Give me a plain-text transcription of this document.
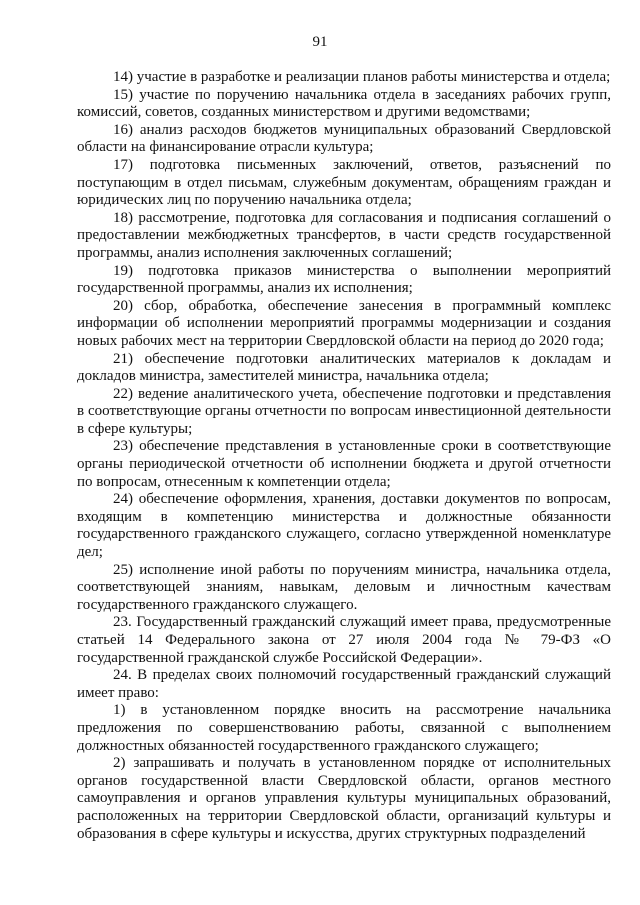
91

14) участие в разработке и реализации планов работы министерства и отдела;

15) участие по поручению начальника отдела в заседаниях рабочих групп, комиссий, советов, созданных министерством и другими ведомствами;

16) анализ расходов бюджетов муниципальных образований Свердловской области на финансирование отрасли культура;

17) подготовка письменных заключений, ответов, разъяснений по поступающим в отдел письмам, служебным документам, обращениям граждан и юридических лиц по поручению начальника отдела;

18) рассмотрение, подготовка для согласования и подписания соглашений о предоставлении межбюджетных трансфертов, в части средств государственной программы, анализ исполнения заключенных соглашений;

19) подготовка приказов министерства о выполнении мероприятий государственной программы, анализ их исполнения;

20) сбор, обработка, обеспечение занесения в программный комплекс информации об исполнении мероприятий программы модернизации и создания новых рабочих мест на территории Свердловской области на период до 2020 года;

21) обеспечение подготовки аналитических материалов к докладам и докладов министра, заместителей министра, начальника отдела;

22) ведение аналитического учета, обеспечение подготовки и представления в соответствующие органы отчетности по вопросам инвестиционной деятельности в сфере культуры;

23) обеспечение представления в установленные сроки в соответствующие органы периодической отчетности об исполнении бюджета и другой отчетности по вопросам, отнесенным к компетенции отдела;

24) обеспечение оформления, хранения, доставки документов по вопросам, входящим в компетенцию министерства и должностные обязанности государственного гражданского служащего, согласно утвержденной номенклатуре дел;

25) исполнение иной работы по поручениям министра, начальника отдела, соответствующей знаниям, навыкам, деловым и личностным качествам государственного гражданского служащего.

23. Государственный гражданский служащий имеет права, предусмотренные статьей 14 Федерального закона от 27 июля 2004 года № 79-ФЗ «О государственной гражданской службе Российской Федерации».

24. В пределах своих полномочий государственный гражданский служащий имеет право:

1) в установленном порядке вносить на рассмотрение начальника предложения по совершенствованию работы, связанной с выполнением должностных обязанностей государственного гражданского служащего;

2) запрашивать и получать в установленном порядке от исполнительных органов государственной власти Свердловской области, органов местного самоуправления и органов управления культуры муниципальных образований, расположенных на территории Свердловской области, организаций культуры и образования в сфере культуры и искусства, других структурных подразделений
